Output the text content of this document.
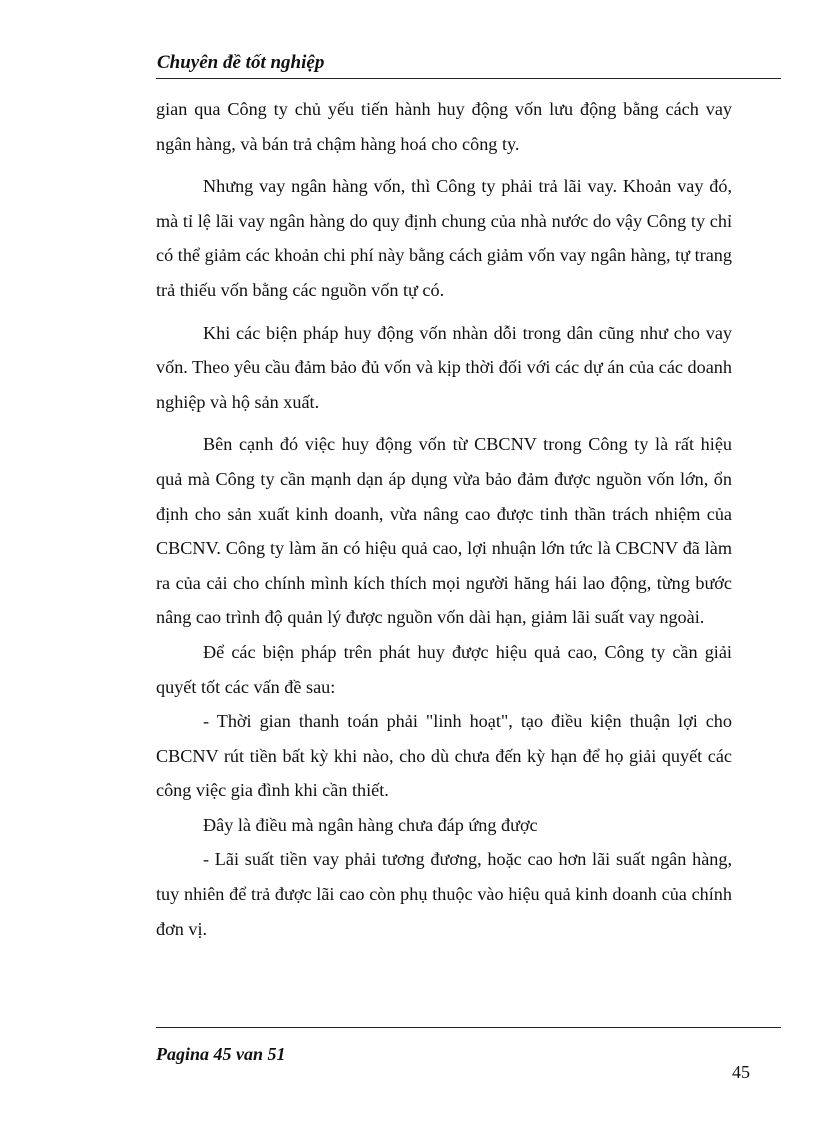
Chuyên đề tốt nghiệp

gian qua Công ty chủ yếu tiến hành huy động vốn lưu động bằng cách vay ngân hàng, và bán trả chậm hàng hoá cho công ty.

Nhưng vay ngân hàng vốn, thì Công ty phải trả lãi vay. Khoản vay đó, mà tỉ lệ lãi vay ngân hàng do quy định chung của nhà nước do vậy Công ty chỉ có thể giảm các khoản chi phí này bằng cách giảm vốn vay ngân hàng, tự trang trả thiếu vốn bằng các nguồn vốn tự có.

Khi các biện pháp huy động vốn nhàn dỗi trong dân cũng như cho vay vốn. Theo yêu cầu đảm bảo đủ vốn và kịp thời đối với các dự án của các doanh nghiệp và hộ sản xuất.

Bên cạnh đó việc huy động vốn từ CBCNV trong Công ty là rất hiệu quả mà Công ty cần mạnh dạn áp dụng vừa bảo đảm được nguồn vốn lớn, ổn định cho sản xuất kinh doanh, vừa nâng cao được tinh thần trách nhiệm của CBCNV. Công ty làm ăn có hiệu quả cao, lợi nhuận lớn tức là CBCNV đã làm ra của cải cho chính mình kích thích mọi người hăng hái lao động, từng bước nâng cao trình độ quản lý được nguồn vốn dài hạn, giảm lãi suất vay ngoài.

Để các biện pháp trên phát huy được hiệu quả cao, Công ty cần giải quyết tốt các vấn đề sau:

- Thời gian thanh toán phải "linh hoạt", tạo điều kiện thuận lợi cho CBCNV rút tiền bất kỳ khi nào, cho dù chưa đến kỳ hạn để họ giải quyết các công việc gia đình khi cần thiết.

Đây là điều mà ngân hàng chưa đáp ứng được

- Lãi suất tiền vay phải tương đương, hoặc cao hơn lãi suất ngân hàng, tuy nhiên để trả được lãi cao còn phụ thuộc vào hiệu quả kinh doanh của chính đơn vị.

Pagina 45 van 51
45
